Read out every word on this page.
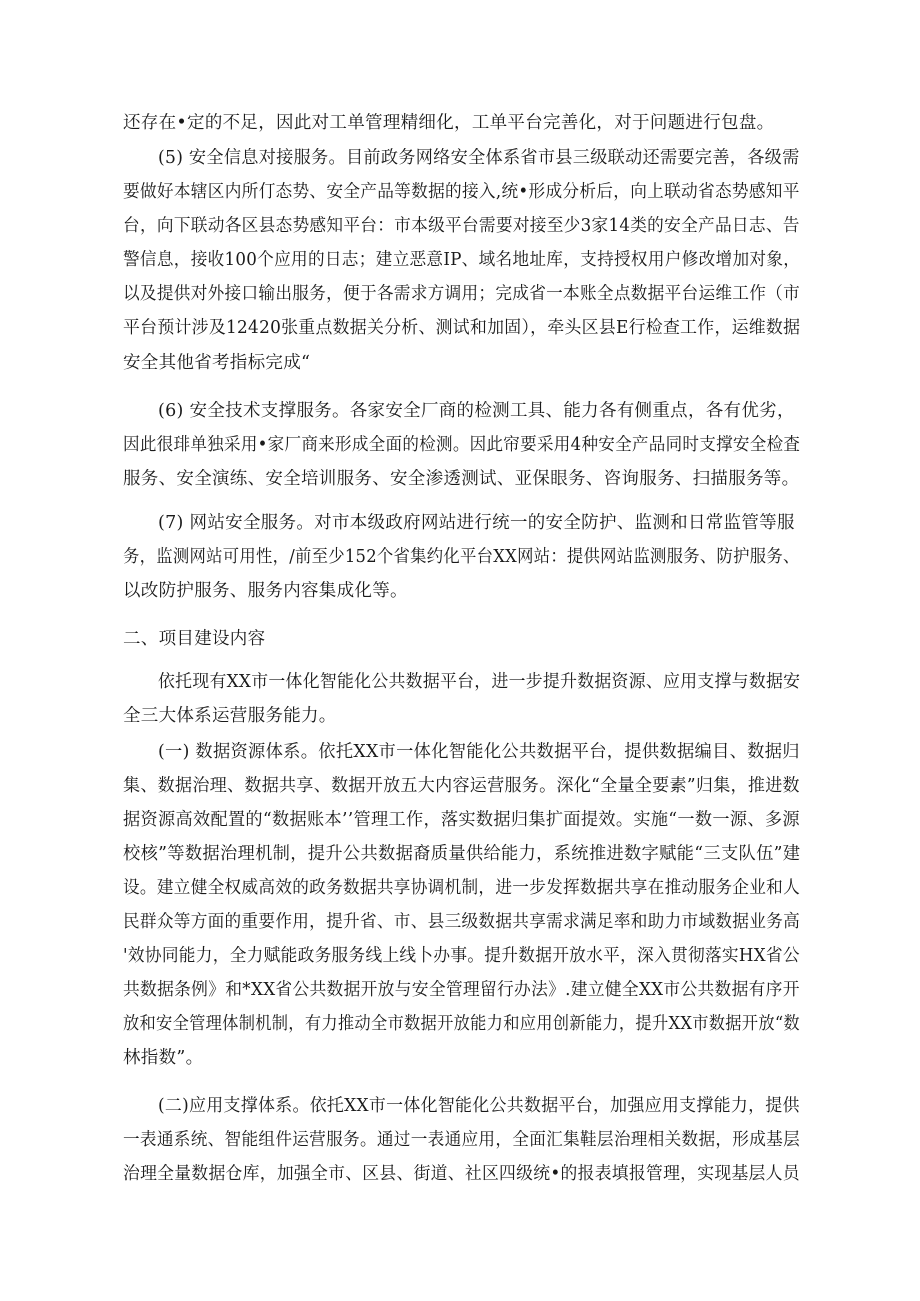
还存在•定的不足，因此对工单管理精细化，工单平台完善化，对于问题进行包盘。
(5) 安全信息对接服务。目前政务网络安全体系省市县三级联动还需要完善，各级需
要做好本辖区内所仃态势、安全产品等数据的接入,统•形成分析后，向上联动省态势感知平
台，向下联动各区县态势感知平台：市本级平台需要对接至少3家14类的安全产品日志、告
警信息，接收100个应用的日志；建立恶意IP、域名地址库，支持授权用户修改增加对象，
以及提供对外接口输出服务，便于各需求方调用；完成省一本账全点数据平台运维工作（市
平台预计涉及12420张重点数据关分析、测试和加固），牵头区县E行检查工作，运维数据
安全其他省考指标完成“
(6) 安全技术支撑服务。各家安全厂商的检测工具、能力各有侧重点，各有优劣，
因此很琲单独采用•家厂商来形成全面的检测。因此帘要采用4种安全产品同时支撑安全检査
服务、安全演练、安全培训服务、安全渗透测试、亚保眼务、咨询服务、扫描服务等。
(7) 网站安全服务。对市本级政府网站进行统一的安全防护、监测和日常监管等服
务，监测网站可用性，/前至少152个省集约化平台XX网站：提供网站监测服务、防护服务、
以改防护服务、服务内容集成化等。
二、项目建设内容
依托现有XX市一体化智能化公共数据平台，进一步提升数据资源、应用支撑与数据安
全三大体系运营服务能力。
(一) 数据资源体系。依托XX市一体化智能化公共数据平台，提供数据编目、数据归
集、数据治理、数据共享、数据开放五大内容运营服务。深化“全量全要素”归集，推进数
据资源高效配置的“数据账本’’管理工作，落实数据归集扩面提效。实施“一数一源、多源
校核”等数据治理机制，提升公共数据裔质量供给能力，系统推进数字赋能“三支队伍”建
设。建立健全权威高效的政务数据共享协调机制，进一步发挥数据共享在推动服务企业和人
民群众等方面的重要作用，提升省、市、县三级数据共享需求满足率和助力市域数据业务高
'效协同能力，全力赋能政务服务线上线卜办事。提升数据开放水平，深入贯彻落实HX省公
共数据条例》和*XX省公共数据开放与安全管理留行办法》.建立健全XX市公共数据有序开
放和安全管理体制机制，有力推动全市数据开放能力和应用创新能力，提升XX市数据开放“数
林指数”。
(二)应用支撑体系。依托XX市一体化智能化公共数据平台，加强应用支撑能力，提供
一表通系统、智能组件运营服务。通过一表通应用，全面汇集鞋层治理相关数据，形成基层
治理全量数据仓库，加强全市、区县、街道、社区四级统•的报表填报管理，实现基层人员
